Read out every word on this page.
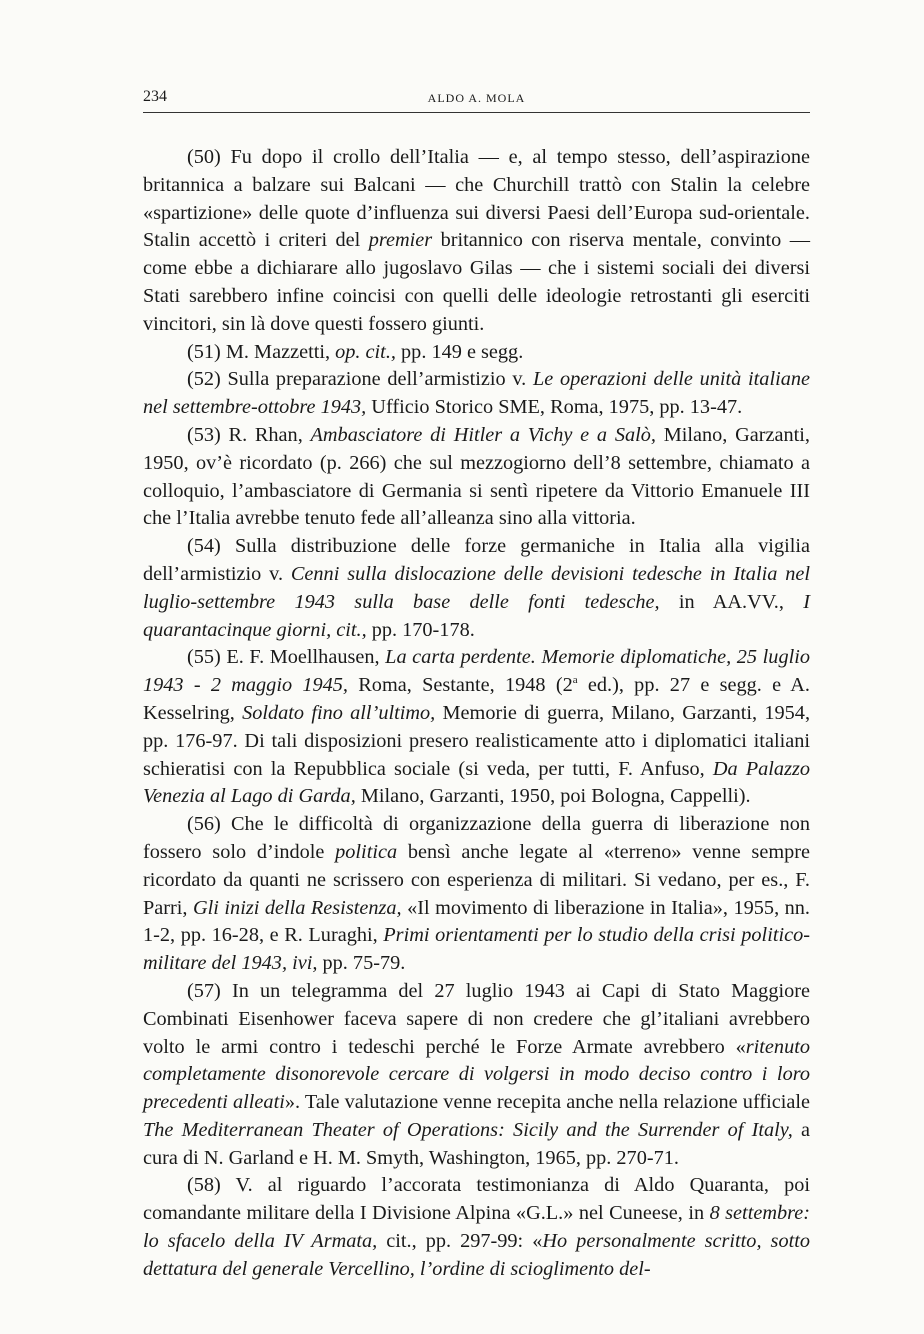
234	ALDO A. MOLA

(50) Fu dopo il crollo dell’Italia — e, al tempo stesso, dell’aspirazione britannica a balzare sui Balcani — che Churchill trattò con Stalin la celebre «spartizione» delle quote d’influenza sui diversi Paesi dell’Europa sud-orientale. Stalin accettò i criteri del premier britannico con riserva mentale, convinto — come ebbe a dichiarare allo jugoslavo Gilas — che i sistemi sociali dei diversi Stati sarebbero infine coincisi con quelli delle ideologie retrostanti gli eserciti vincitori, sin là dove questi fossero giunti.

(51) M. Mazzetti, op. cit., pp. 149 e segg.

(52) Sulla preparazione dell’armistizio v. Le operazioni delle unità italiane nel settembre-ottobre 1943, Ufficio Storico SME, Roma, 1975, pp. 13-47.

(53) R. Rhan, Ambasciatore di Hitler a Vichy e a Salò, Milano, Garzanti, 1950, ov’è ricordato (p. 266) che sul mezzogiorno dell’8 settembre, chiamato a colloquio, l’ambasciatore di Germania si sentì ripetere da Vittorio Emanuele III che l’Italia avrebbe tenuto fede all’alleanza sino alla vittoria.

(54) Sulla distribuzione delle forze germaniche in Italia alla vigilia dell’armistizio v. Cenni sulla dislocazione delle devisioni tedesche in Italia nel luglio-settembre 1943 sulla base delle fonti tedesche, in AA.VV., I quarantacinque giorni, cit., pp. 170-178.

(55) E. F. Moellhausen, La carta perdente. Memorie diplomatiche, 25 luglio 1943 - 2 maggio 1945, Roma, Sestante, 1948 (2$^a$ ed.), pp. 27 e segg. e A. Kesselring, Soldato fino all’ultimo, Memorie di guerra, Milano, Garzanti, 1954, pp. 176-97. Di tali disposizioni presero realisticamente atto i diplomatici italiani schieratisi con la Repubblica sociale (si veda, per tutti, F. Anfuso, Da Palazzo Venezia al Lago di Garda, Milano, Garzanti, 1950, poi Bologna, Cappelli).

(56) Che le difficoltà di organizzazione della guerra di liberazione non fossero solo d’indole politica bensì anche legate al «terreno» venne sempre ricordato da quanti ne scrissero con esperienza di militari. Si vedano, per es., F. Parri, Gli inizi della Resistenza, «Il movimento di liberazione in Italia», 1955, nn. 1-2, pp. 16-28, e R. Luraghi, Primi orientamenti per lo studio della crisi politico-militare del 1943, ivi, pp. 75-79.

(57) In un telegramma del 27 luglio 1943 ai Capi di Stato Maggiore Combinati Eisenhower faceva sapere di non credere che gl’italiani avrebbero volto le armi contro i tedeschi perché le Forze Armate avrebbero «ritenuto completamente disonorevole cercare di volgersi in modo deciso contro i loro precedenti alleati». Tale valutazione venne recepita anche nella relazione ufficiale The Mediterranean Theater of Operations: Sicily and the Surrender of Italy, a cura di N. Garland e H. M. Smyth, Washington, 1965, pp. 270-71.

(58) V. al riguardo l’accorata testimonianza di Aldo Quaranta, poi comandante militare della I Divisione Alpina «G.L.» nel Cuneese, in 8 settembre: lo sfacelo della IV Armata, cit., pp. 297-99: «Ho personalmente scritto, sotto dettatura del generale Vercellino, l’ordine di scioglimento del-
